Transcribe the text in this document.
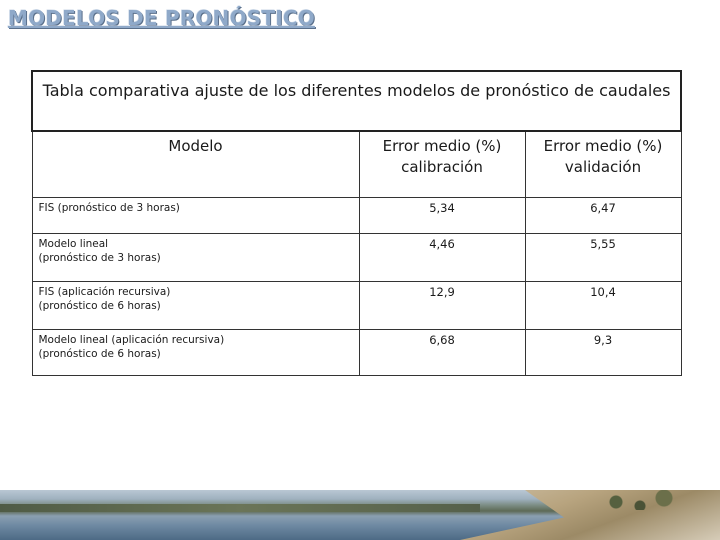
MODELOS DE PRONÓSTICO
Tabla comparativa ajuste de los diferentes modelos de pronóstico de caudales		
Modelo	Error medio (%) calibración	Error medio (%) validación

FIS (pronóstico de 3 horas)	5,34	6,47

Modelo lineal
(pronóstico de 3 horas)	4,46	5,55

FIS (aplicación recursiva)
(pronóstico de 6 horas)	12,9	10,4

Modelo lineal (aplicación recursiva)
(pronóstico de 6 horas)	6,68	9,3
